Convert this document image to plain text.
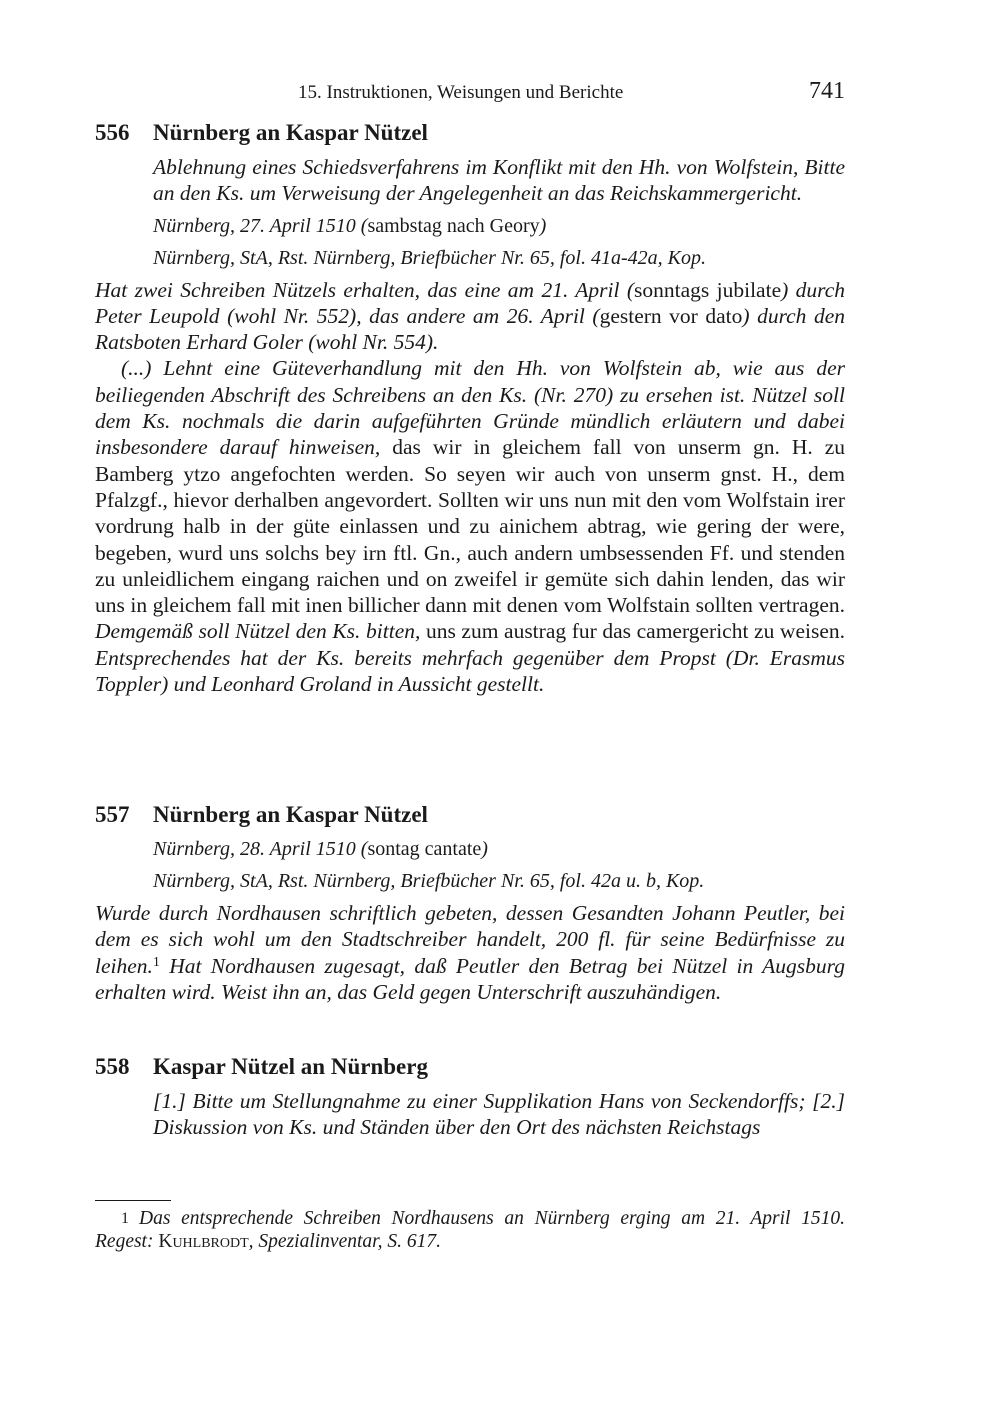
15. Instruktionen, Weisungen und Berichte	741
556	Nürnberg an Kaspar Nützel

Ablehnung eines Schiedsverfahrens im Konflikt mit den Hh. von Wolfstein, Bitte an den Ks. um Verweisung der Angelegenheit an das Reichskammergericht.

Nürnberg, 27. April 1510 (sambstag nach Geory)

Nürnberg, StA, Rst. Nürnberg, Briefbücher Nr. 65, fol. 41a-42a, Kop.

Hat zwei Schreiben Nützels erhalten, das eine am 21. April (sonntags jubilate) durch Peter Leupold (wohl Nr. 552), das andere am 26. April (gestern vor dato) durch den Ratsboten Erhard Goler (wohl Nr. 554).

(...) Lehnt eine Güteverhandlung mit den Hh. von Wolfstein ab, wie aus der beiliegenden Abschrift des Schreibens an den Ks. (Nr. 270) zu ersehen ist. Nützel soll dem Ks. nochmals die darin aufgeführten Gründe mündlich erläutern und dabei insbesondere darauf hinweisen, das wir in gleichem fall von unserm gn. H. zu Bamberg ytzo angefochten werden. So seyen wir auch von unserm gnst. H., dem Pfalzgf., hievor derhalben angevordert. Sollten wir uns nun mit den vom Wolfstain irer vordrung halb in der güte einlassen und zu ainichem abtrag, wie gering der were, begeben, wurd uns solchs bey irn ftl. Gn., auch andern umbsessenden Ff. und stenden zu unleidlichem eingang raichen und on zweifel ir gemüte sich dahin lenden, das wir uns in gleichem fall mit inen billicher dann mit denen vom Wolfstain sollten vertragen. Demgemäß soll Nützel den Ks. bitten, uns zum austrag fur das camergericht zu weisen. Entsprechendes hat der Ks. bereits mehrfach gegenüber dem Propst (Dr. Erasmus Toppler) und Leonhard Groland in Aussicht gestellt.

557	Nürnberg an Kaspar Nützel

Nürnberg, 28. April 1510 (sontag cantate)

Nürnberg, StA, Rst. Nürnberg, Briefbücher Nr. 65, fol. 42a u. b, Kop.

Wurde durch Nordhausen schriftlich gebeten, dessen Gesandten Johann Peutler, bei dem es sich wohl um den Stadtschreiber handelt, 200 fl. für seine Bedürfnisse zu leihen.$^1$ Hat Nordhausen zugesagt, daß Peutler den Betrag bei Nützel in Augsburg erhalten wird. Weist ihn an, das Geld gegen Unterschrift auszuhändigen.

558	Kaspar Nützel an Nürnberg

[1.] Bitte um Stellungnahme zu einer Supplikation Hans von Seckendorffs; [2.] Diskussion von Ks. und Ständen über den Ort des nächsten Reichstags

1 Das entsprechende Schreiben Nordhausens an Nürnberg erging am 21. April 1510. Regest: Kuhlbrodt, Spezialinventar, S. 617.
